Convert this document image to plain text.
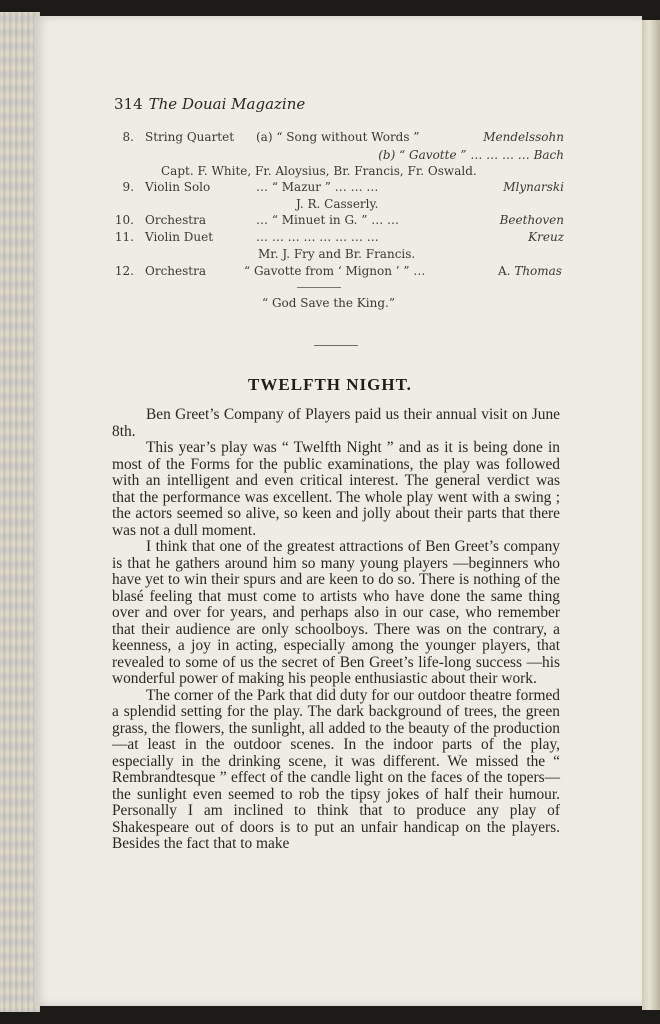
314 The Douai Magazine
8. String Quartet (a) “ Song without Words ”	Mendelssohn
(b) “ Gavotte ” … … … … Bach
Capt. F. White, Fr. Aloysius, Br. Francis, Fr. Oswald.
9. Violin Solo	… “ Mazur ” … … …	Mlynarski
J. R. Casserly.
10. Orchestra	… “ Minuet in G. ” … …	Beethoven
11. Violin Duet	… … … … … … … …	Kreuz
Mr. J. Fry and Br. Francis.
12. Orchestra	“ Gavotte from ‘ Mignon ’ ” …	A. Thomas
“ God Save the King.”
TWELFTH NIGHT.

Ben Greet’s Company of Players paid us their annual visit on June 8th.

This year’s play was “ Twelfth Night ” and as it is being done in most of the Forms for the public examinations, the play was followed with an intelligent and even critical interest. The general verdict was that the performance was excellent. The whole play went with a swing ; the actors seemed so alive, so keen and jolly about their parts that there was not a dull moment.

I think that one of the greatest attractions of Ben Greet’s company is that he gathers around him so many young players —beginners who have yet to win their spurs and are keen to do so. There is nothing of the blasé feeling that must come to artists who have done the same thing over and over for years, and perhaps also in our case, who remember that their audience are only schoolboys. There was on the contrary, a keenness, a joy in acting, especially among the younger players, that revealed to some of us the secret of Ben Greet’s life-long success —his wonderful power of making his people enthusiastic about their work.

The corner of the Park that did duty for our outdoor theatre formed a splendid setting for the play. The dark background of trees, the green grass, the flowers, the sunlight, all added to the beauty of the production—at least in the outdoor scenes. In the indoor parts of the play, especially in the drinking scene, it was different. We missed the “ Rembrandtesque ” effect of the candle light on the faces of the topers—the sunlight even seemed to rob the tipsy jokes of half their humour. Personally I am inclined to think that to produce any play of Shakespeare out of doors is to put an unfair handicap on the players. Besides the fact that to make
